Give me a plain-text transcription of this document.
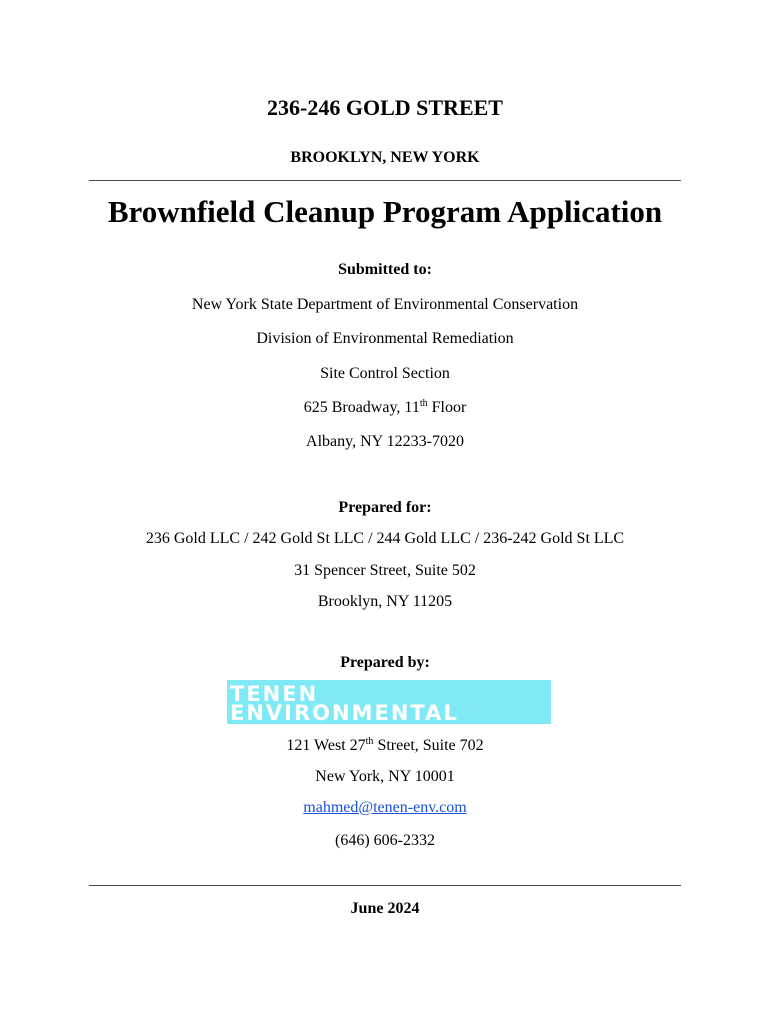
236-246 GOLD STREET
BROOKLYN, NEW YORK
Brownfield Cleanup Program Application
Submitted to:
New York State Department of Environmental Conservation
Division of Environmental Remediation
Site Control Section
625 Broadway, 11th Floor
Albany, NY 12233-7020
Prepared for:
236 Gold LLC / 242 Gold St LLC / 244 Gold LLC / 236-242 Gold St LLC
31 Spencer Street, Suite 502
Brooklyn, NY 11205
Prepared by:
TENEN
ENVIRONMENTAL
121 West 27th Street, Suite 702
New York, NY 10001
mahmed@tenen-env.com
(646) 606-2332
June 2024
